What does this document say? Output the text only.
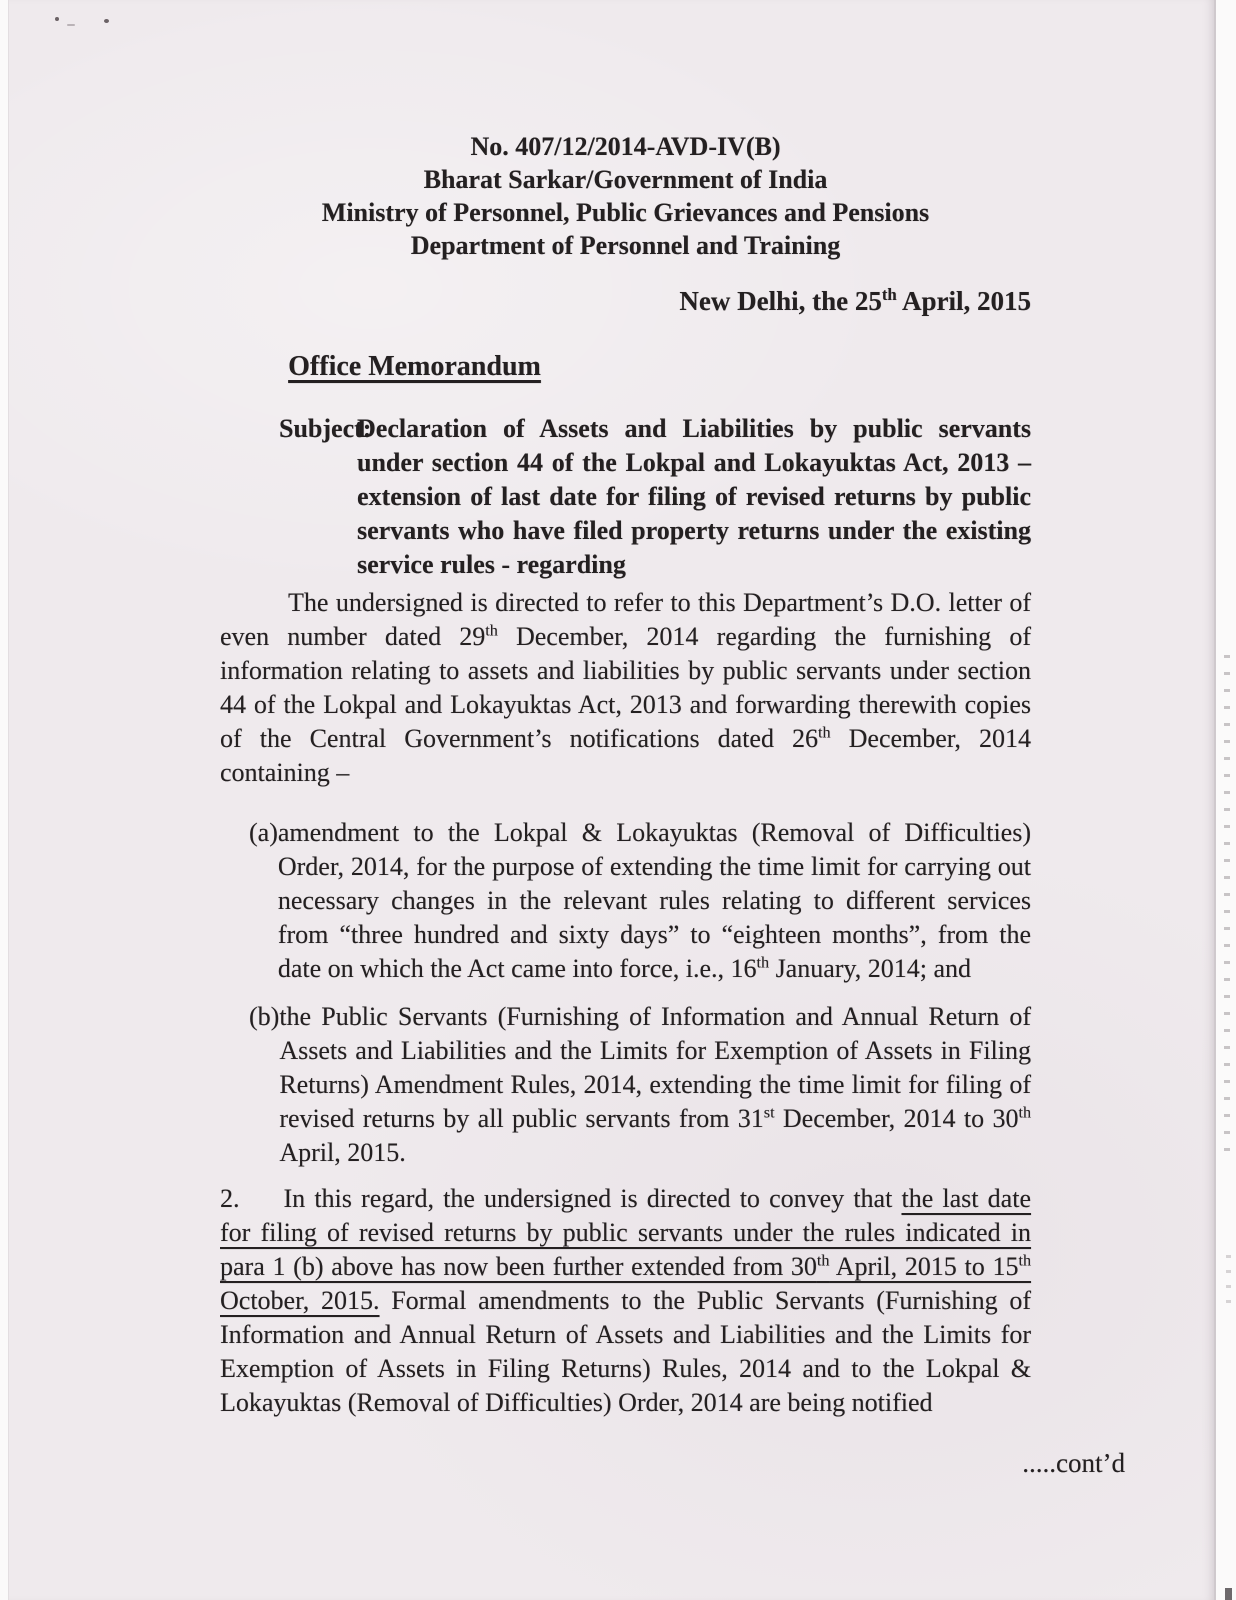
No. 407/12/2014-AVD-IV(B)
Bharat Sarkar/Government of India
Ministry of Personnel, Public Grievances and Pensions
Department of Personnel and Training
New Delhi, the 25th April, 2015
Office Memorandum
Subject:
Declaration of Assets and Liabilities by public servants under section 44 of the Lokpal and Lokayuktas Act, 2013 – extension of last date for filing of revised returns by public servants who have filed property returns under the existing service rules - regarding

The undersigned is directed to refer to this Department’s D.O. letter of even number dated 29th December, 2014 regarding the furnishing of information relating to assets and liabilities by public servants under section 44 of the Lokpal and Lokayuktas Act, 2013 and forwarding therewith copies of the Central Government’s notifications dated 26th December, 2014 containing –

(a) amendment to the Lokpal & Lokayuktas (Removal of Difficulties) Order, 2014, for the purpose of extending the time limit for carrying out necessary changes in the relevant rules relating to different services from “three hundred and sixty days” to “eighteen months”, from the date on which the Act came into force, i.e., 16th January, 2014; and

(b) the Public Servants (Furnishing of Information and Annual Return of Assets and Liabilities and the Limits for Exemption of Assets in Filing Returns) Amendment Rules, 2014, extending the time limit for filing of revised returns by all public servants from 31st December, 2014 to 30th April, 2015.

2. In this regard, the undersigned is directed to convey that the last date for filing of revised returns by public servants under the rules indicated in para 1 (b) above has now been further extended from 30th April, 2015 to 15th October, 2015. Formal amendments to the Public Servants (Furnishing of Information and Annual Return of Assets and Liabilities and the Limits for Exemption of Assets in Filing Returns) Rules, 2014 and to the Lokpal & Lokayuktas (Removal of Difficulties) Order, 2014 are being notified

.....cont’d
